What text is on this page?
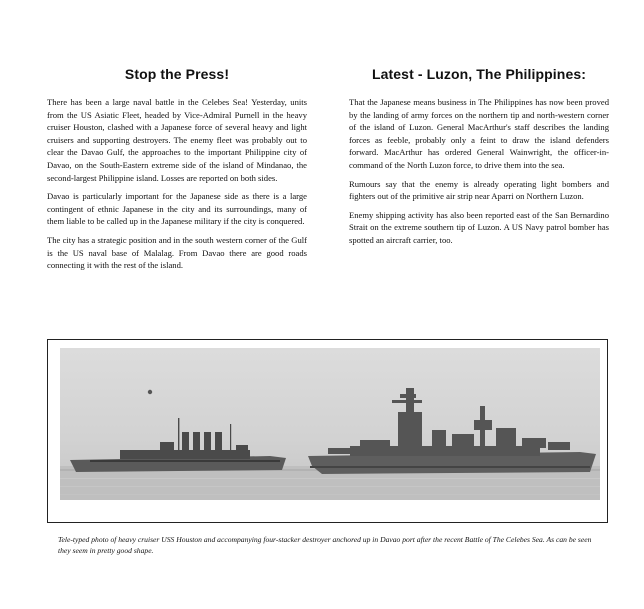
Stop the Press!

There has been a large naval battle in the Celebes Sea! Yesterday, units from the US Asiatic Fleet, headed by Vice-Admiral Purnell in the heavy cruiser Houston, clashed with a Japanese force of several heavy and light cruisers and supporting destroyers. The enemy fleet was probably out to clear the Davao Gulf, the approaches to the important Philippine city of Davao, on the South-Eastern extreme side of the island of Mindanao, the second-largest Philippine island. Losses are reported on both sides.

Davao is particularly important for the Japanese side as there is a large contingent of ethnic Japanese in the city and its surroundings, many of them liable to be called up in the Japanese military if the city is conquered.

The city has a strategic position and in the south western corner of the Gulf is the US naval base of Malalag. From Davao there are good roads connecting it with the rest of the island.

Latest - Luzon, The Philippines:

That the Japanese means business in The Philippines has now been proved by the landing of army forces on the northern tip and north-western corner of the island of Luzon. General MacArthur's staff describes the landing forces as feeble, probably only a feint to draw the island defenders forward. MacArthur has ordered General Wainwright, the officer-in-command of the North Luzon force, to drive them into the sea.

Rumours say that the enemy is already operating light bombers and fighters out of the primitive air strip near Aparri on Northern Luzon.

Enemy shipping activity has also been reported east of the San Bernardino Strait on the extreme southern tip of Luzon. A US Navy patrol bomber has spotted an aircraft carrier, too.

Tele-typed photo of heavy cruiser USS Houston and accompanying four-stacker destroyer anchored up in Davao port after the recent Battle of The Celebes Sea. As can be seen they seem in pretty good shape.
